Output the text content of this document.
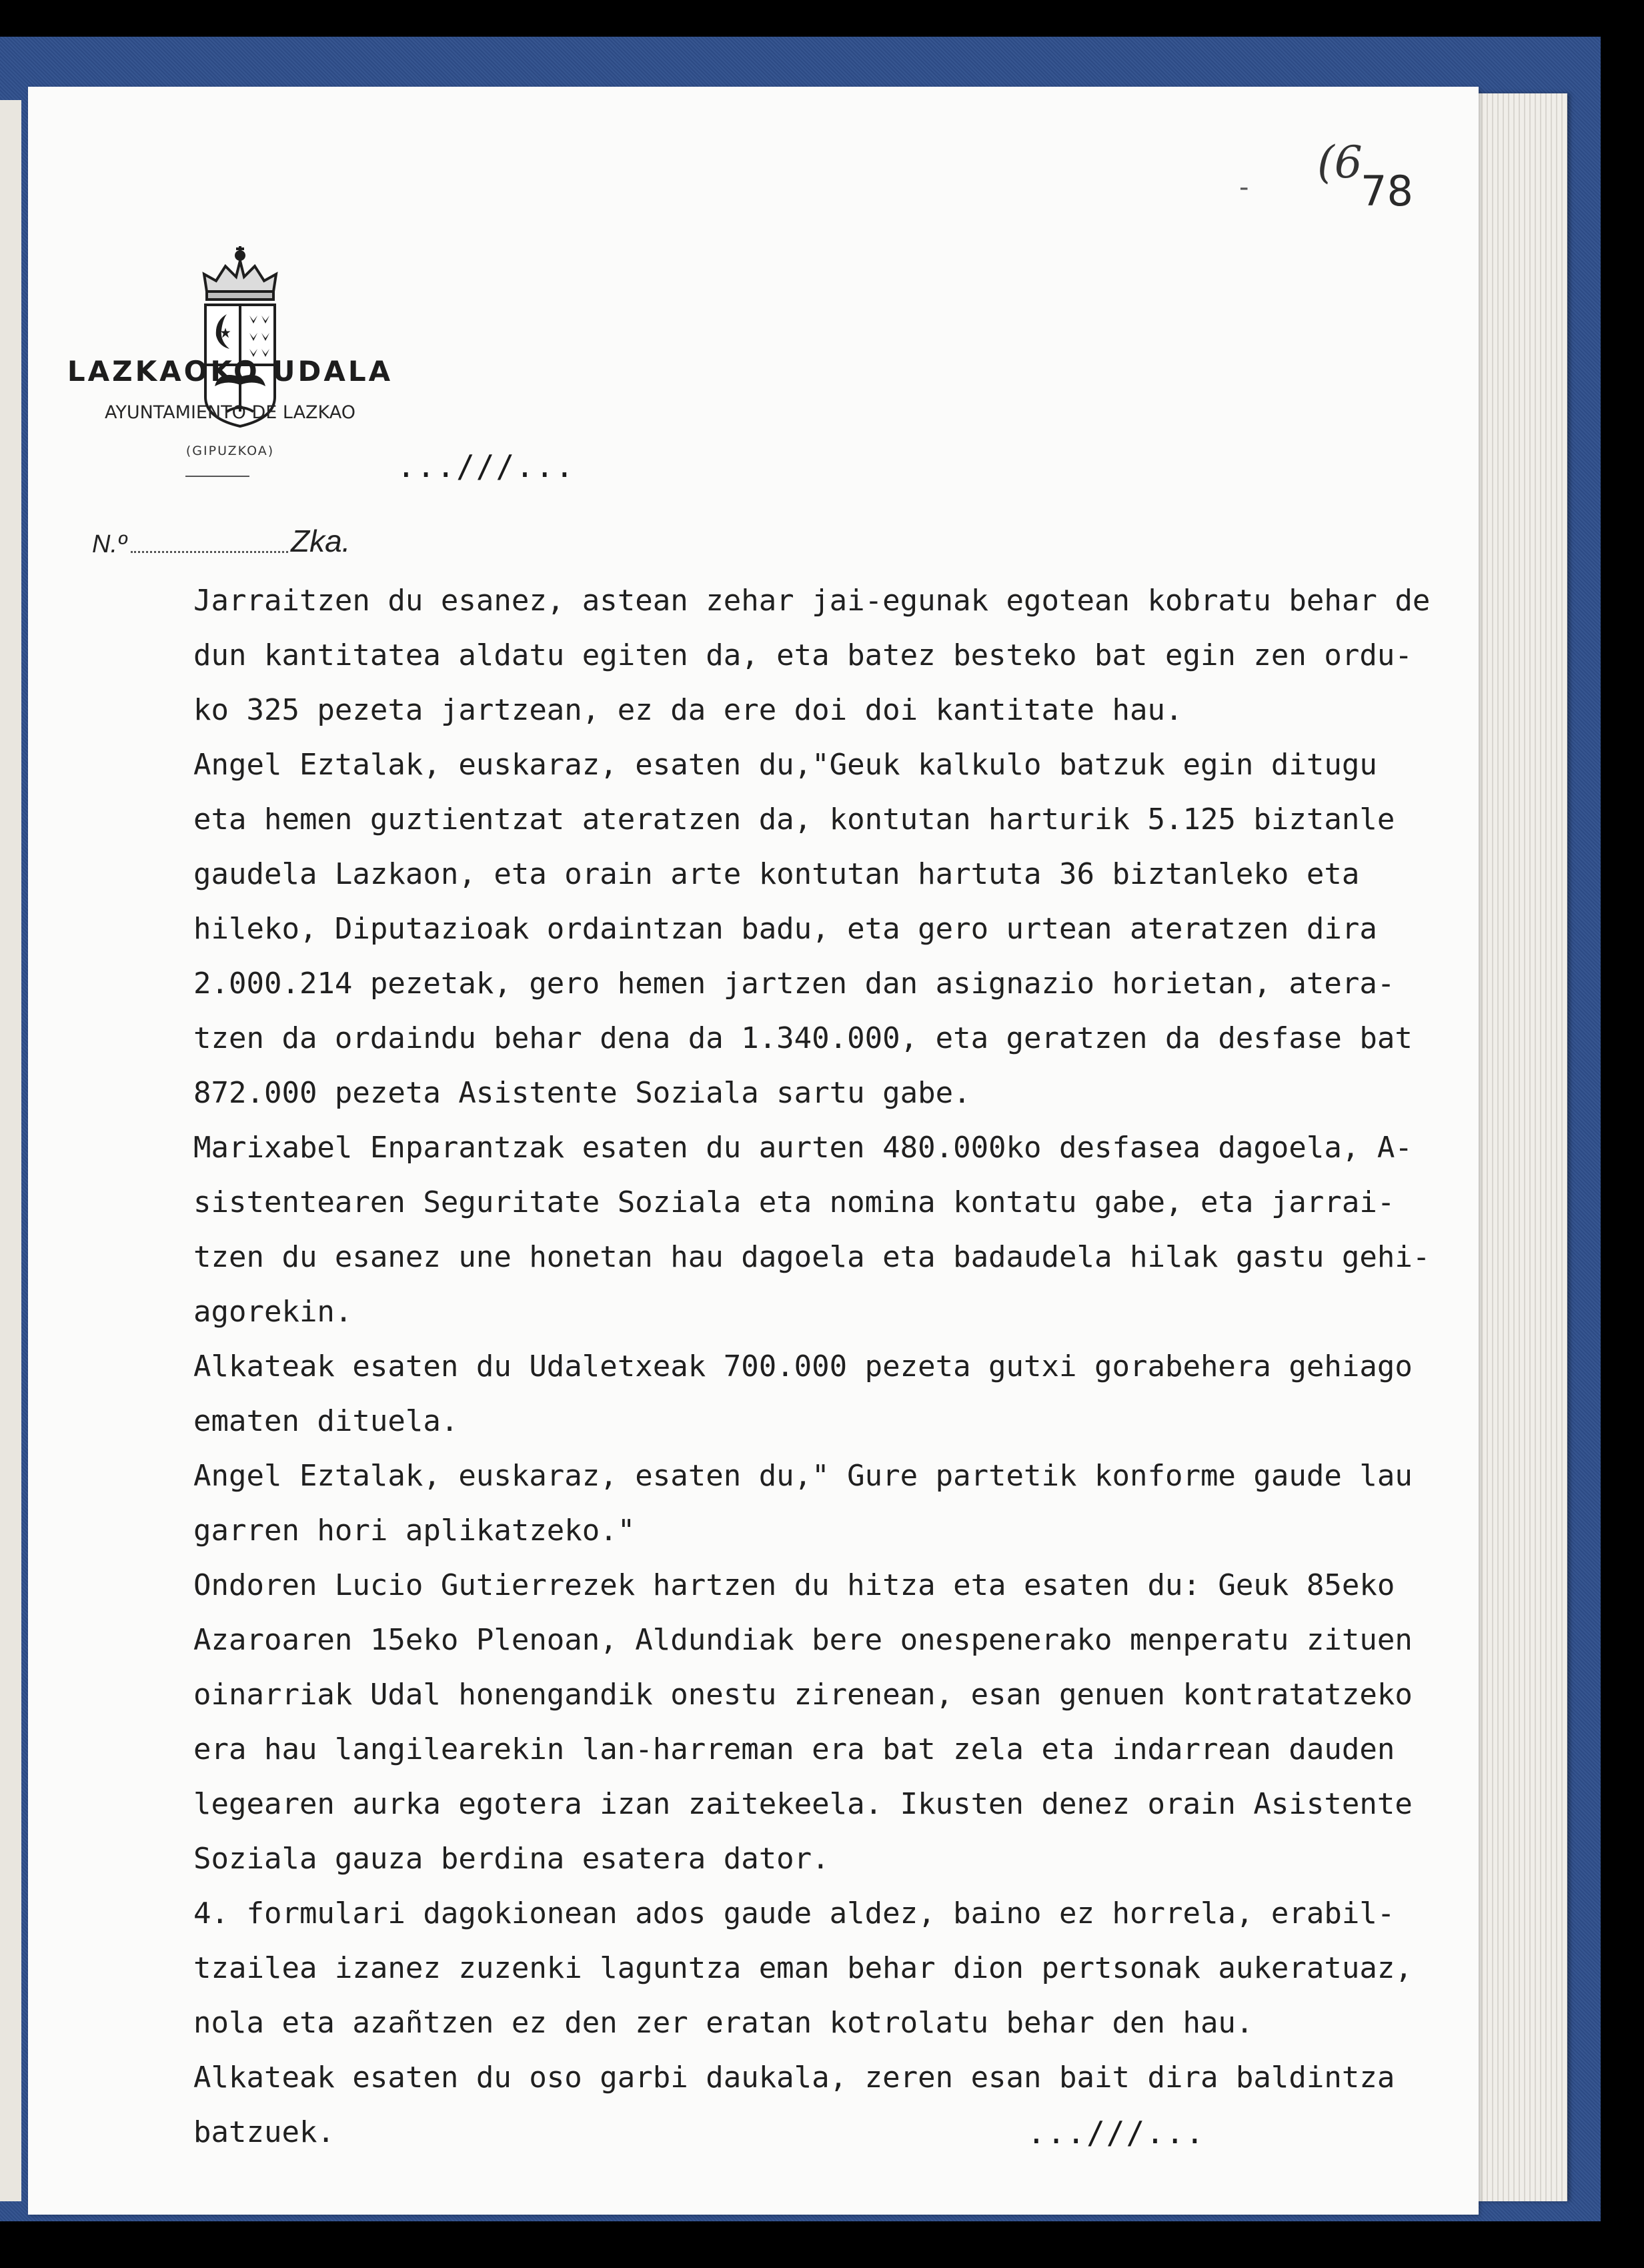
LAZKAOKO UDALA
AYUNTAMIENTO DE LAZKAO
(GIPUZKOA)	...///...
N.º	Zka.
- (6
78
Jarraitzen du esanez, astean zehar jai-egunak egotean kobratu behar de
dun kantitatea aldatu egiten da, eta batez besteko bat egin zen ordu-
ko 325 pezeta jartzean, ez da ere doi doi kantitate hau.
Angel Eztalak, euskaraz, esaten du,"Geuk kalkulo batzuk egin ditugu
eta hemen guztientzat ateratzen da, kontutan harturik 5.125 biztanle
gaudela Lazkaon, eta orain arte kontutan hartuta 36 biztanleko eta
hileko, Diputazioak ordaintzan badu, eta gero urtean ateratzen dira
2.000.214 pezetak, gero hemen jartzen dan asignazio horietan, atera-
tzen da ordaindu behar dena da 1.340.000, eta geratzen da desfase bat
872.000 pezeta Asistente Soziala sartu gabe.
Marixabel Enparantzak esaten du aurten 480.000ko desfasea dagoela, A-
sistentearen Seguritate Soziala eta nomina kontatu gabe, eta jarrai-
tzen du esanez une honetan hau dagoela eta badaudela hilak gastu gehi-
agorekin.
Alkateak esaten du Udaletxeak 700.000 pezeta gutxi gorabehera gehiago
ematen dituela.
Angel Eztalak, euskaraz, esaten du," Gure partetik konforme gaude lau
garren hori aplikatzeko."
Ondoren Lucio Gutierrezek hartzen du hitza eta esaten du: Geuk 85eko
Azaroaren 15eko Plenoan, Aldundiak bere onespenerako menperatu zituen
oinarriak Udal honengandik onestu zirenean, esan genuen kontratatzeko
era hau langilearekin lan-harreman era bat zela eta indarrean dauden
legearen aurka egotera izan zaitekeela. Ikusten denez orain Asistente
Soziala gauza berdina esatera dator.
4. formulari dagokionean ados gaude aldez, baino ez horrela, erabil-
tzailea izanez zuzenki laguntza eman behar dion pertsonak aukeratuaz,
nola eta azañtzen ez den zer eratan kotrolatu behar den hau.
Alkateak esaten du oso garbi daukala, zeren esan bait dira baldintza
batzuek.	...///...
